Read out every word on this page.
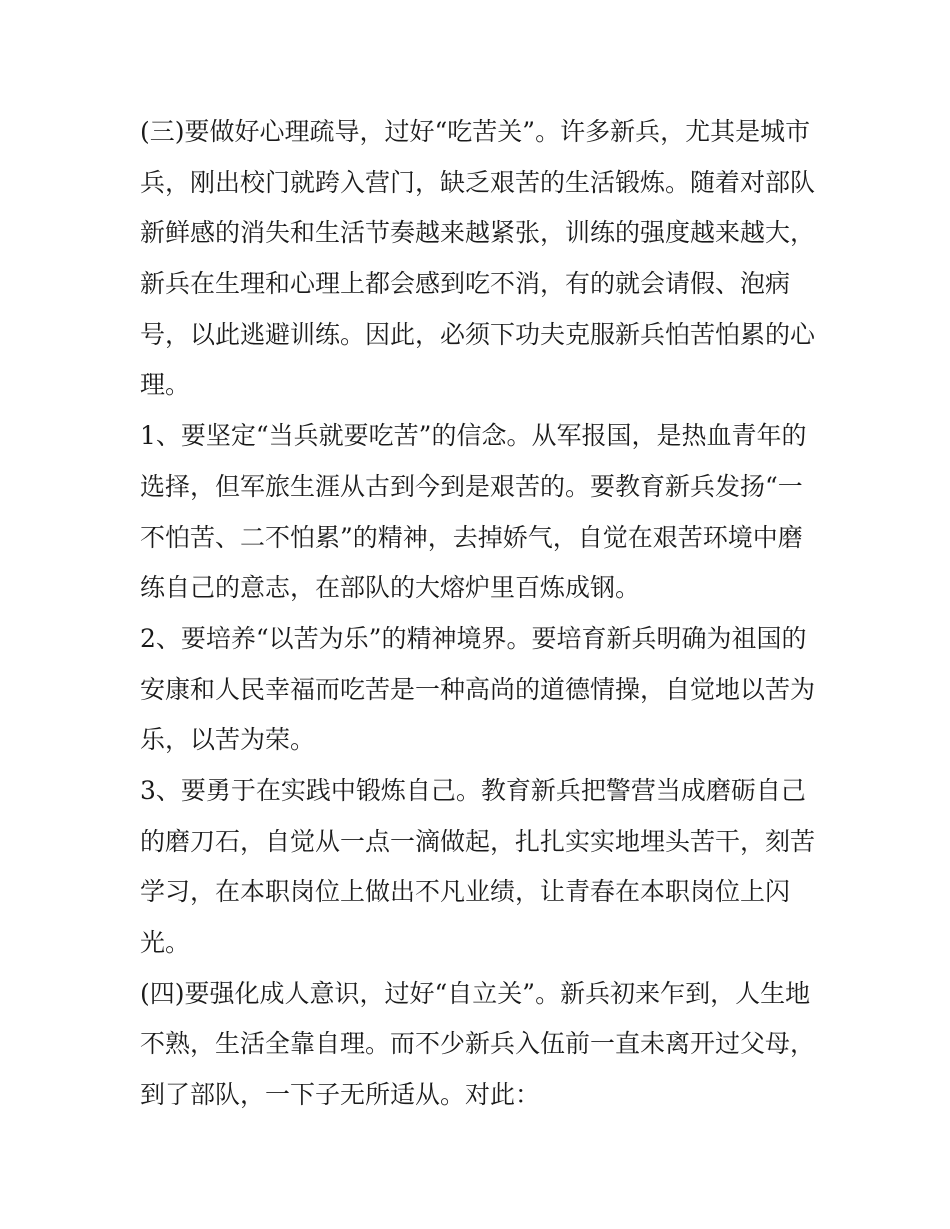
(三)要做好心理疏导，过好“吃苦关”。许多新兵，尤其是城市
兵，刚出校门就跨入营门，缺乏艰苦的生活锻炼。随着对部队
新鲜感的消失和生活节奏越来越紧张，训练的强度越来越大，
新兵在生理和心理上都会感到吃不消，有的就会请假、泡病
号，以此逃避训练。因此，必须下功夫克服新兵怕苦怕累的心
理。
1、要坚定“当兵就要吃苦”的信念。从军报国，是热血青年的
选择，但军旅生涯从古到今到是艰苦的。要教育新兵发扬“一
不怕苦、二不怕累”的精神，去掉娇气，自觉在艰苦环境中磨
练自己的意志，在部队的大熔炉里百炼成钢。
2、要培养“以苦为乐”的精神境界。要培育新兵明确为祖国的
安康和人民幸福而吃苦是一种高尚的道德情操，自觉地以苦为
乐，以苦为荣。
3、要勇于在实践中锻炼自己。教育新兵把警营当成磨砺自己
的磨刀石，自觉从一点一滴做起，扎扎实实地埋头苦干，刻苦
学习，在本职岗位上做出不凡业绩，让青春在本职岗位上闪
光。
(四)要强化成人意识，过好“自立关”。新兵初来乍到，人生地
不熟，生活全靠自理。而不少新兵入伍前一直未离开过父母，
到了部队，一下子无所适从。对此：
